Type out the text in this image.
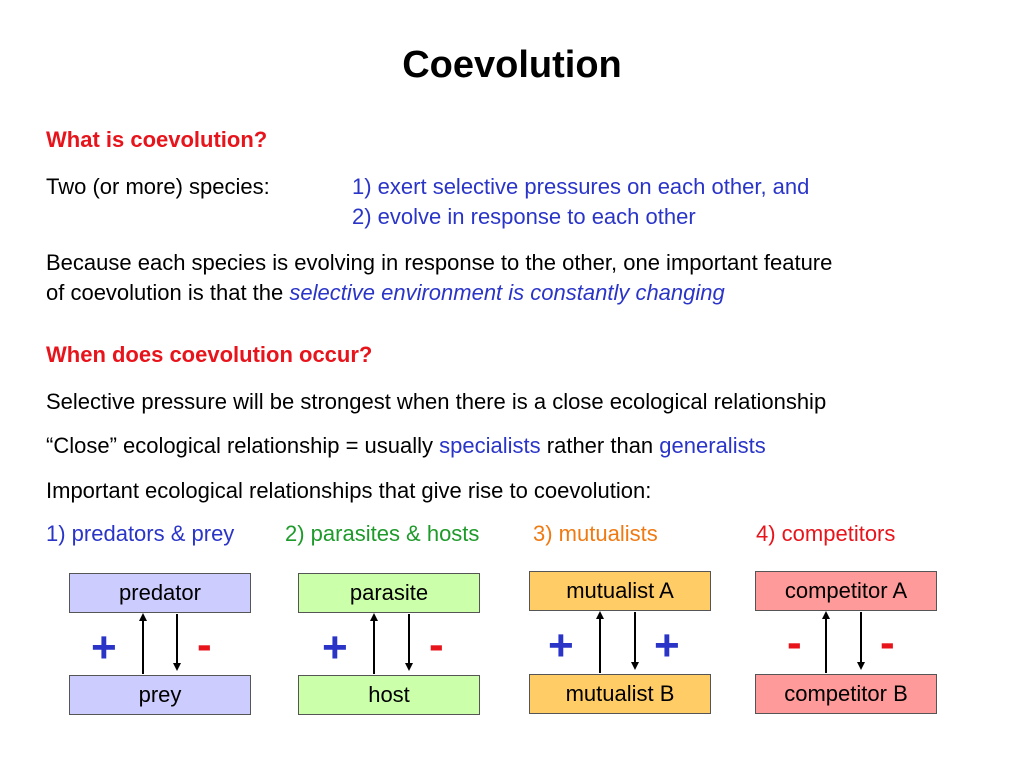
Coevolution
What is coevolution?
Two (or more) species:	1) exert selective pressures on each other, and
2) evolve in response to each other
Because each species is evolving in response to the other, one important feature
of coevolution is that the selective environment is constantly changing
When does coevolution occur?
Selective pressure will be strongest when there is a close ecological relationship
“Close” ecological relationship = usually specialists rather than generalists
Important ecological relationships that give rise to coevolution:
1) predators & prey 2) parasites & hosts 3) mutualists	4) competitors
predator
prey
+ -
parasite
host
+ -
mutualist A
mutualist B
+ +
competitor A
competitor B
- -
